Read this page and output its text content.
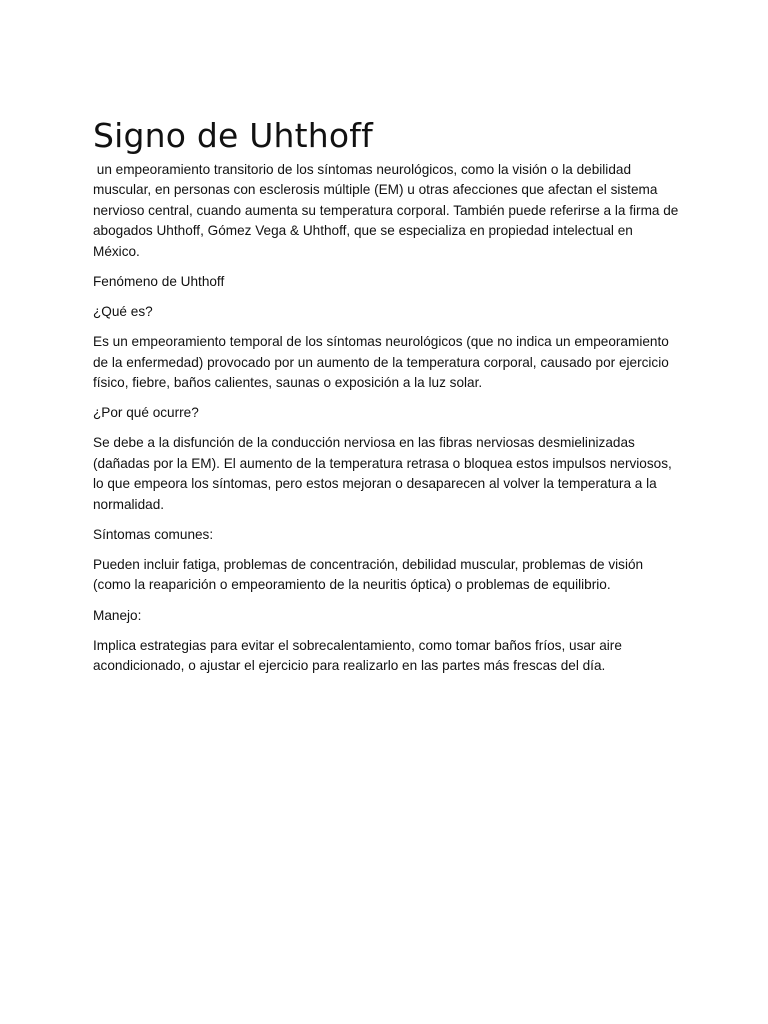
Signo de Uhthoff

un empeoramiento transitorio de los síntomas neurológicos, como la visión o la debilidad muscular, en personas con esclerosis múltiple (EM) u otras afecciones que afectan el sistema nervioso central, cuando aumenta su temperatura corporal. También puede referirse a la firma de abogados Uhthoff, Gómez Vega & Uhthoff, que se especializa en propiedad intelectual en México.

Fenómeno de Uhthoff

¿Qué es?

Es un empeoramiento temporal de los síntomas neurológicos (que no indica un empeoramiento de la enfermedad) provocado por un aumento de la temperatura corporal, causado por ejercicio físico, fiebre, baños calientes, saunas o exposición a la luz solar.

¿Por qué ocurre?

Se debe a la disfunción de la conducción nerviosa en las fibras nerviosas desmielinizadas (dañadas por la EM). El aumento de la temperatura retrasa o bloquea estos impulsos nerviosos, lo que empeora los síntomas, pero estos mejoran o desaparecen al volver la temperatura a la normalidad.

Síntomas comunes:

Pueden incluir fatiga, problemas de concentración, debilidad muscular, problemas de visión (como la reaparición o empeoramiento de la neuritis óptica) o problemas de equilibrio.

Manejo:

Implica estrategias para evitar el sobrecalentamiento, como tomar baños fríos, usar aire acondicionado, o ajustar el ejercicio para realizarlo en las partes más frescas del día.
